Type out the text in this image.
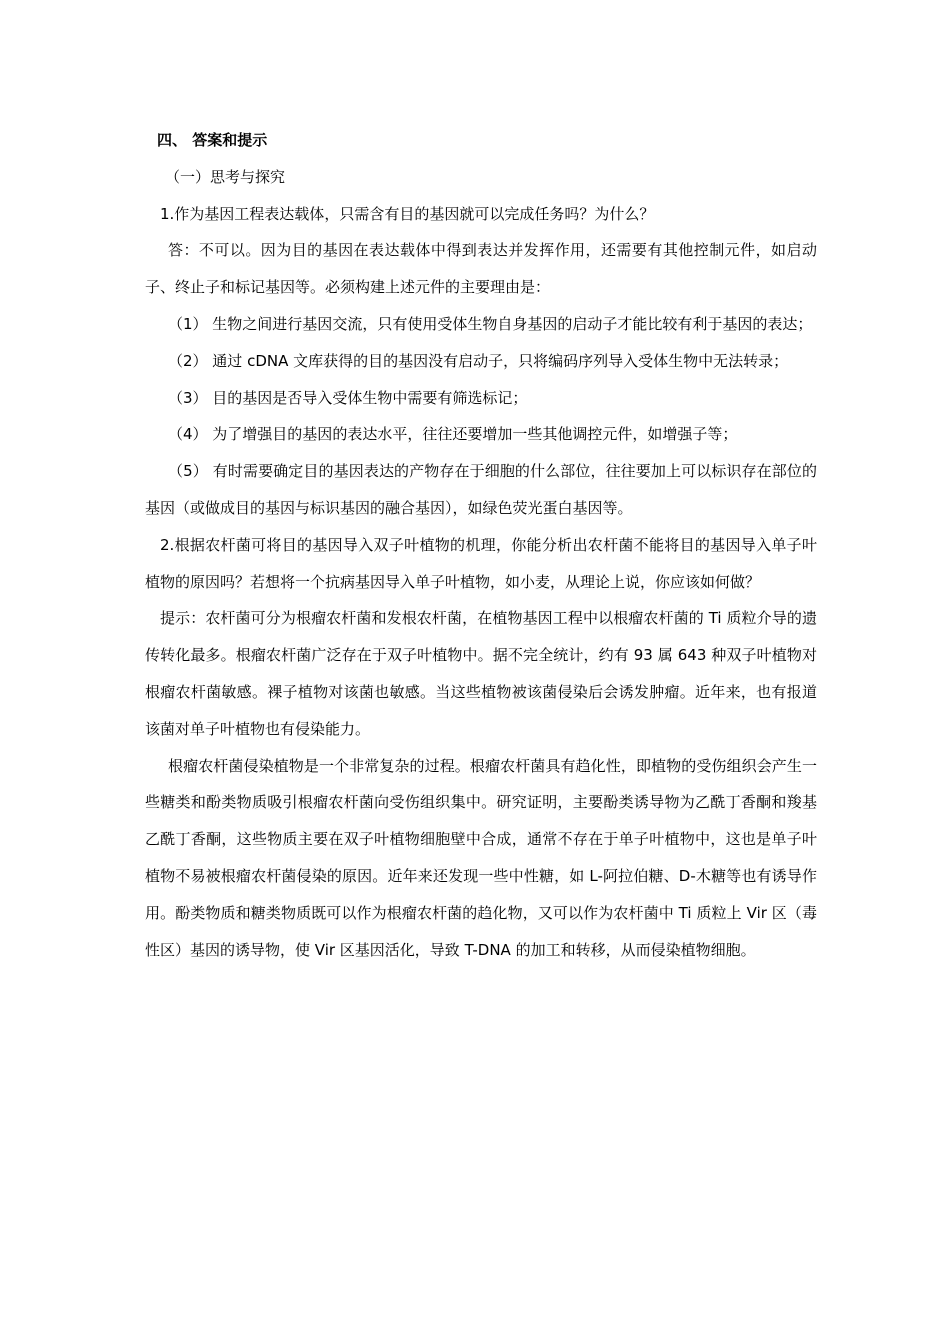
四、 答案和提示

（一）思考与探究

1.作为基因工程表达载体，只需含有目的基因就可以完成任务吗？为什么？

答：不可以。因为目的基因在表达载体中得到表达并发挥作用，还需要有其他控制元件，如启动子、终止子和标记基因等。必须构建上述元件的主要理由是：

（1） 生物之间进行基因交流，只有使用受体生物自身基因的启动子才能比较有利于基因的表达；

（2） 通过 cDNA 文库获得的目的基因没有启动子，只将编码序列导入受体生物中无法转录；

（3） 目的基因是否导入受体生物中需要有筛选标记；

（4） 为了增强目的基因的表达水平，往往还要增加一些其他调控元件，如增强子等；

（5） 有时需要确定目的基因表达的产物存在于细胞的什么部位，往往要加上可以标识存在部位的基因（或做成目的基因与标识基因的融合基因），如绿色荧光蛋白基因等。

2.根据农杆菌可将目的基因导入双子叶植物的机理，你能分析出农杆菌不能将目的基因导入单子叶植物的原因吗？若想将一个抗病基因导入单子叶植物，如小麦，从理论上说，你应该如何做？

提示：农杆菌可分为根瘤农杆菌和发根农杆菌，在植物基因工程中以根瘤农杆菌的 Ti 质粒介导的遗传转化最多。根瘤农杆菌广泛存在于双子叶植物中。据不完全统计，约有 93 属 643 种双子叶植物对根瘤农杆菌敏感。裸子植物对该菌也敏感。当这些植物被该菌侵染后会诱发肿瘤。近年来，也有报道该菌对单子叶植物也有侵染能力。

根瘤农杆菌侵染植物是一个非常复杂的过程。根瘤农杆菌具有趋化性，即植物的受伤组织会产生一些糖类和酚类物质吸引根瘤农杆菌向受伤组织集中。研究证明，主要酚类诱导物为乙酰丁香酮和羧基乙酰丁香酮，这些物质主要在双子叶植物细胞壁中合成，通常不存在于单子叶植物中，这也是单子叶植物不易被根瘤农杆菌侵染的原因。近年来还发现一些中性糖，如 L-阿拉伯糖、D-木糖等也有诱导作用。酚类物质和糖类物质既可以作为根瘤农杆菌的趋化物，又可以作为农杆菌中 Ti 质粒上 Vir 区（毒性区）基因的诱导物，使 Vir 区基因活化，导致 T-DNA 的加工和转移，从而侵染植物细胞。
